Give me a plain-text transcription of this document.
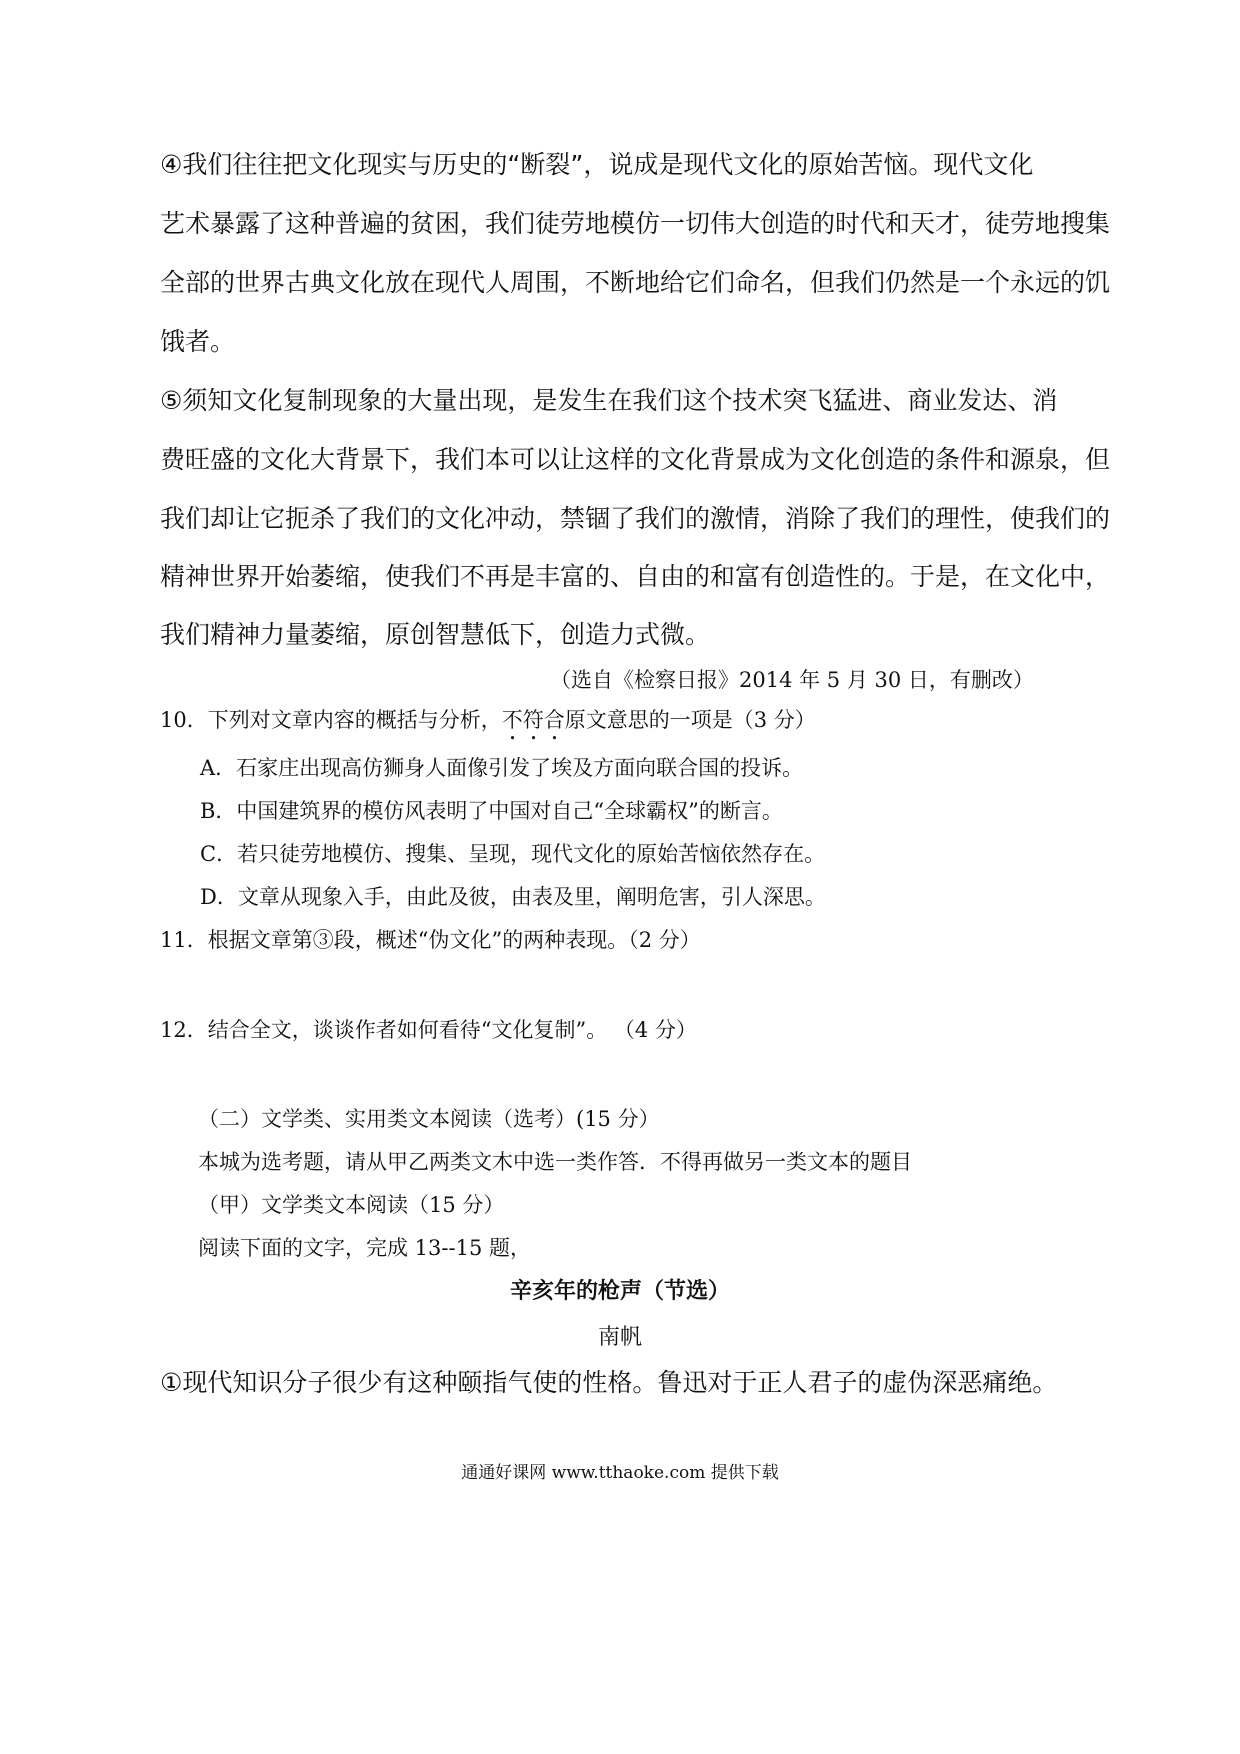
④我们往往把文化现实与历史的“断裂”，说成是现代文化的原始苦恼。现代文化
艺术暴露了这种普遍的贫困，我们徒劳地模仿一切伟大创造的时代和天才，徒劳地搜集
全部的世界古典文化放在现代人周围，不断地给它们命名，但我们仍然是一个永远的饥
饿者。
⑤须知文化复制现象的大量出现，是发生在我们这个技术突飞猛进、商业发达、消
费旺盛的文化大背景下，我们本可以让这样的文化背景成为文化创造的条件和源泉，但
我们却让它扼杀了我们的文化冲动，禁锢了我们的激情，消除了我们的理性，使我们的
精神世界开始萎缩，使我们不再是丰富的、自由的和富有创造性的。于是，在文化中，
我们精神力量萎缩，原创智慧低下，创造力式微。
（选自《检察日报》2014 年 5 月 30 日，有删改）
10．下列对文章内容的概括与分析，不符合原文意思的一项是（3 分）
A．石家庄出现高仿狮身人面像引发了埃及方面向联合国的投诉。
B．中国建筑界的模仿风表明了中国对自己“全球霸权”的断言。
C．若只徒劳地模仿、搜集、呈现，现代文化的原始苦恼依然存在。
D．文章从现象入手，由此及彼，由表及里，阐明危害，引人深思。
11．根据文章第③段，概述“伪文化”的两种表现。（2 分）
12．结合全文，谈谈作者如何看待“文化复制”。 （4 分）
（二）文学类、实用类文本阅读（选考）(15 分）
本城为选考题，请从甲乙两类文木中选一类作答．不得再做另一类文本的题目
（甲）文学类文本阅读（15 分）
阅读下面的文字，完成 13--15 题，
辛亥年的枪声（节选）
南帆
①现代知识分子很少有这种颐指气使的性格。鲁迅对于正人君子的虚伪深恶痛绝。
通通好课网 www.tthaoke.com 提供下载
